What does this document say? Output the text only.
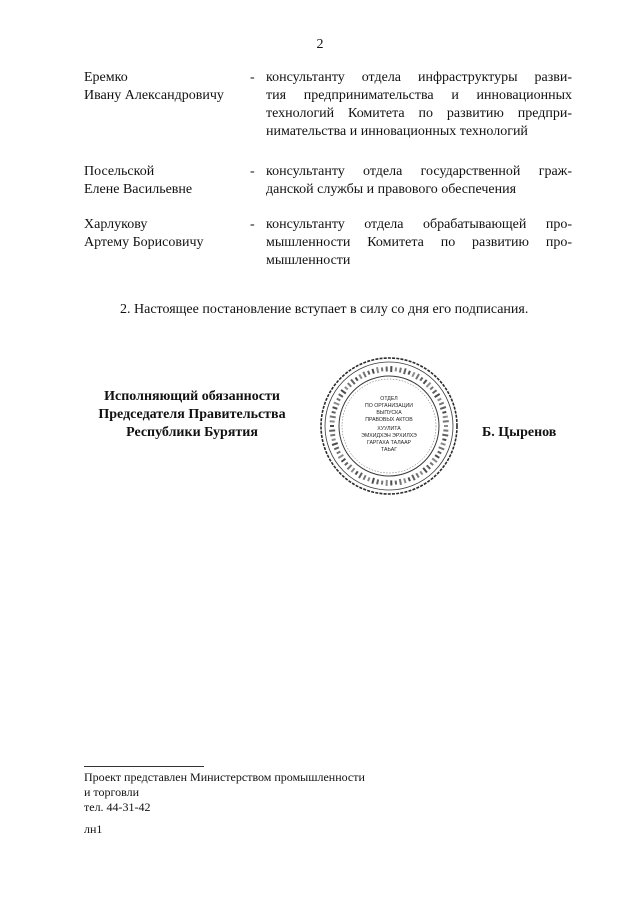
2
Еремко
Ивану Александровичу
- консультанту отдела инфраструктуры разви-
тия предпринимательства и инновационных
технологий Комитета по развитию предпри-
нимательства и инновационных технологий
Посельской
Елене Васильевне
- консультанту отдела государственной граж-
данской службы и правового обеспечения
Харлукову
Артему Борисовичу
- консультанту отдела обрабатывающей про-
мышленности Комитета по развитию про-
мышленности
2. Настоящее постановление вступает в силу со дня его подписания.
Исполняющий обязанности
Председателя Правительства
Республики Бурятия
ОТДЕЛ
ПО ОРГАНИЗАЦИИ
ВЫПУСКА
ПРАВОВЫХ АКТОВ
ХУУЛИТА
ЭМХИДХЭН ЭРХИЛХЭ
ГАРГАХА ТАЛААР
ТАЬАГ
Б. Цыренов
Проект представлен Министерством промышленности
и торговли
тел. 44-31-42
лн1
